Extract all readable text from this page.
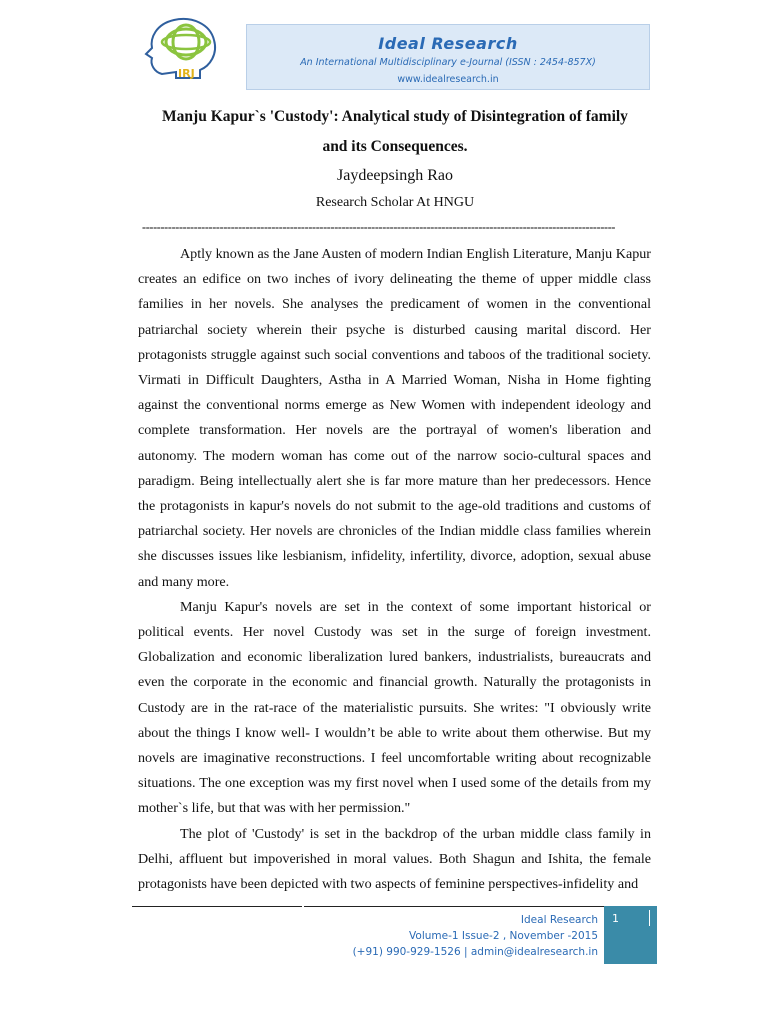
IRJ
Ideal Research
An International Multidisciplinary e-Journal (ISSN : 2454-857X)
www.idealresearch.in
Manju Kapur`s 'Custody': Analytical study of Disintegration of family
and its Consequences.
Jaydeepsingh Rao
Research Scholar At HNGU
--------------------------------------------------------------------------------------------------------------------------------

Aptly known as the Jane Austen of modern Indian English Literature, Manju Kapur creates an edifice on two inches of ivory delineating the theme of upper middle class families in her novels. She analyses the predicament of women in the conventional patriarchal society wherein their psyche is disturbed causing marital discord. Her protagonists struggle against such social conventions and taboos of the traditional society. Virmati in Difficult Daughters, Astha in A Married Woman, Nisha in Home fighting against the conventional norms emerge as New Women with independent ideology and complete transformation. Her novels are the portrayal of women's liberation and autonomy. The modern woman has come out of the narrow socio-cultural spaces and paradigm. Being intellectually alert she is far more mature than her predecessors. Hence the protagonists in kapur's novels do not submit to the age-old traditions and customs of patriarchal society. Her novels are chronicles of the Indian middle class families wherein she discusses issues like lesbianism, infidelity, infertility, divorce, adoption, sexual abuse and many more.

Manju Kapur's novels are set in the context of some important historical or political events. Her novel Custody was set in the surge of foreign investment. Globalization and economic liberalization lured bankers, industrialists, bureaucrats and even the corporate in the economic and financial growth. Naturally the protagonists in Custody are in the rat-race of the materialistic pursuits. She writes: "I obviously write about the things I know well- I wouldn’t be able to write about them otherwise. But my novels are imaginative reconstructions. I feel uncomfortable writing about recognizable situations. The one exception was my first novel when I used some of the details from my mother`s life, but that was with her permission."

The plot of 'Custody' is set in the backdrop of the urban middle class family in Delhi, affluent but impoverished in moral values. Both Shagun and Ishita, the female protagonists have been depicted with two aspects of feminine perspectives-infidelity and

Ideal Research
Volume-1 Issue-2 , November -2015
(+91) 990-929-1526 | admin@idealresearch.in
1
